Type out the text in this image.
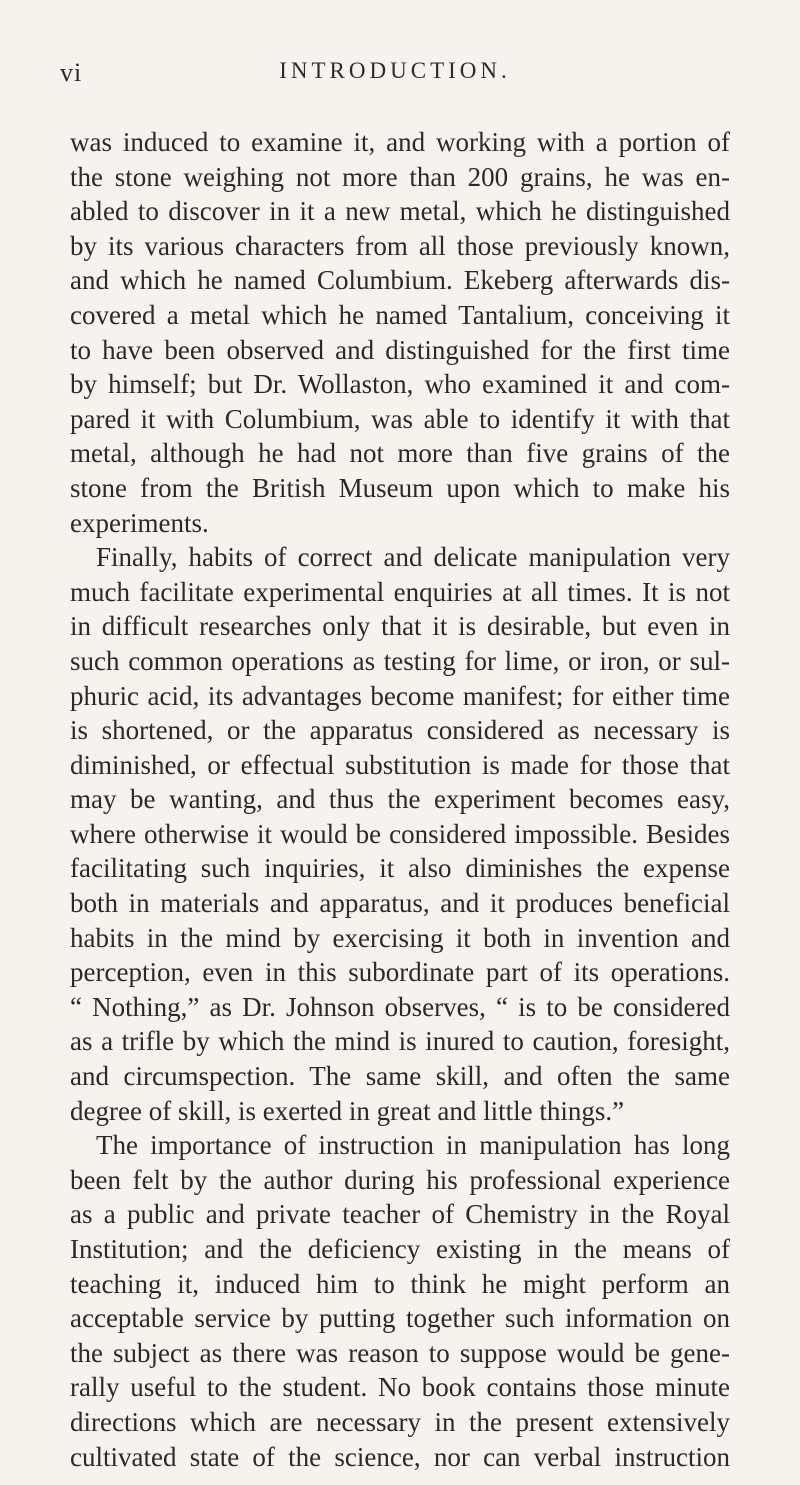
vi	INTRODUCTION.
was induced to examine it, and working with a portion of
the stone weighing not more than 200 grains, he was en-
abled to discover in it a new metal, which he distinguished
by its various characters from all those previously known,
and which he named Columbium. Ekeberg afterwards dis-
covered a metal which he named Tantalium, conceiving it
to have been observed and distinguished for the first time
by himself; but Dr. Wollaston, who examined it and com-
pared it with Columbium, was able to identify it with that
metal, although he had not more than five grains of the
stone from the British Museum upon which to make his
experiments.
Finally, habits of correct and delicate manipulation very
much facilitate experimental enquiries at all times. It is not
in difficult researches only that it is desirable, but even in
such common operations as testing for lime, or iron, or sul-
phuric acid, its advantages become manifest; for either time
is shortened, or the apparatus considered as necessary is
diminished, or effectual substitution is made for those that
may be wanting, and thus the experiment becomes easy,
where otherwise it would be considered impossible. Besides
facilitating such inquiries, it also diminishes the expense
both in materials and apparatus, and it produces beneficial
habits in the mind by exercising it both in invention and
perception, even in this subordinate part of its operations.
“ Nothing,” as Dr. Johnson observes, “ is to be considered
as a trifle by which the mind is inured to caution, foresight,
and circumspection. The same skill, and often the same
degree of skill, is exerted in great and little things.”
The importance of instruction in manipulation has long
been felt by the author during his professional experience
as a public and private teacher of Chemistry in the Royal
Institution; and the deficiency existing in the means of
teaching it, induced him to think he might perform an
acceptable service by putting together such information on
the subject as there was reason to suppose would be gene-
rally useful to the student. No book contains those minute
directions which are necessary in the present extensively
cultivated state of the science, nor can verbal instruction
